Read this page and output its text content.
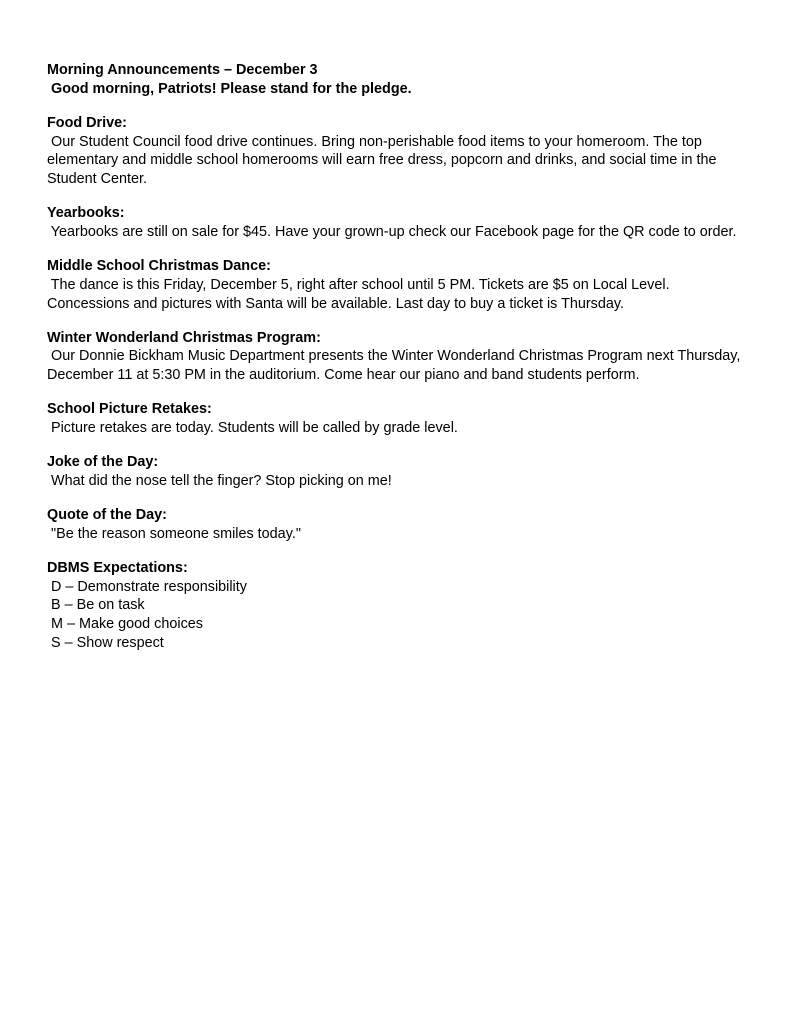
Morning Announcements – December 3
Good morning, Patriots! Please stand for the pledge.
Food Drive:
Our Student Council food drive continues. Bring non-perishable food items to your homeroom. The top
elementary and middle school homerooms will earn free dress, popcorn and drinks, and social time in the
Student Center.
Yearbooks:
Yearbooks are still on sale for $45. Have your grown-up check our Facebook page for the QR code to order.
Middle School Christmas Dance:
The dance is this Friday, December 5, right after school until 5 PM. Tickets are $5 on Local Level.
Concessions and pictures with Santa will be available. Last day to buy a ticket is Thursday.
Winter Wonderland Christmas Program:
Our Donnie Bickham Music Department presents the Winter Wonderland Christmas Program next Thursday,
December 11 at 5:30 PM in the auditorium. Come hear our piano and band students perform.
School Picture Retakes:
Picture retakes are today. Students will be called by grade level.
Joke of the Day:
What did the nose tell the finger? Stop picking on me!
Quote of the Day:
"Be the reason someone smiles today."
DBMS Expectations:
D – Demonstrate responsibility
B – Be on task
M – Make good choices
S – Show respect
